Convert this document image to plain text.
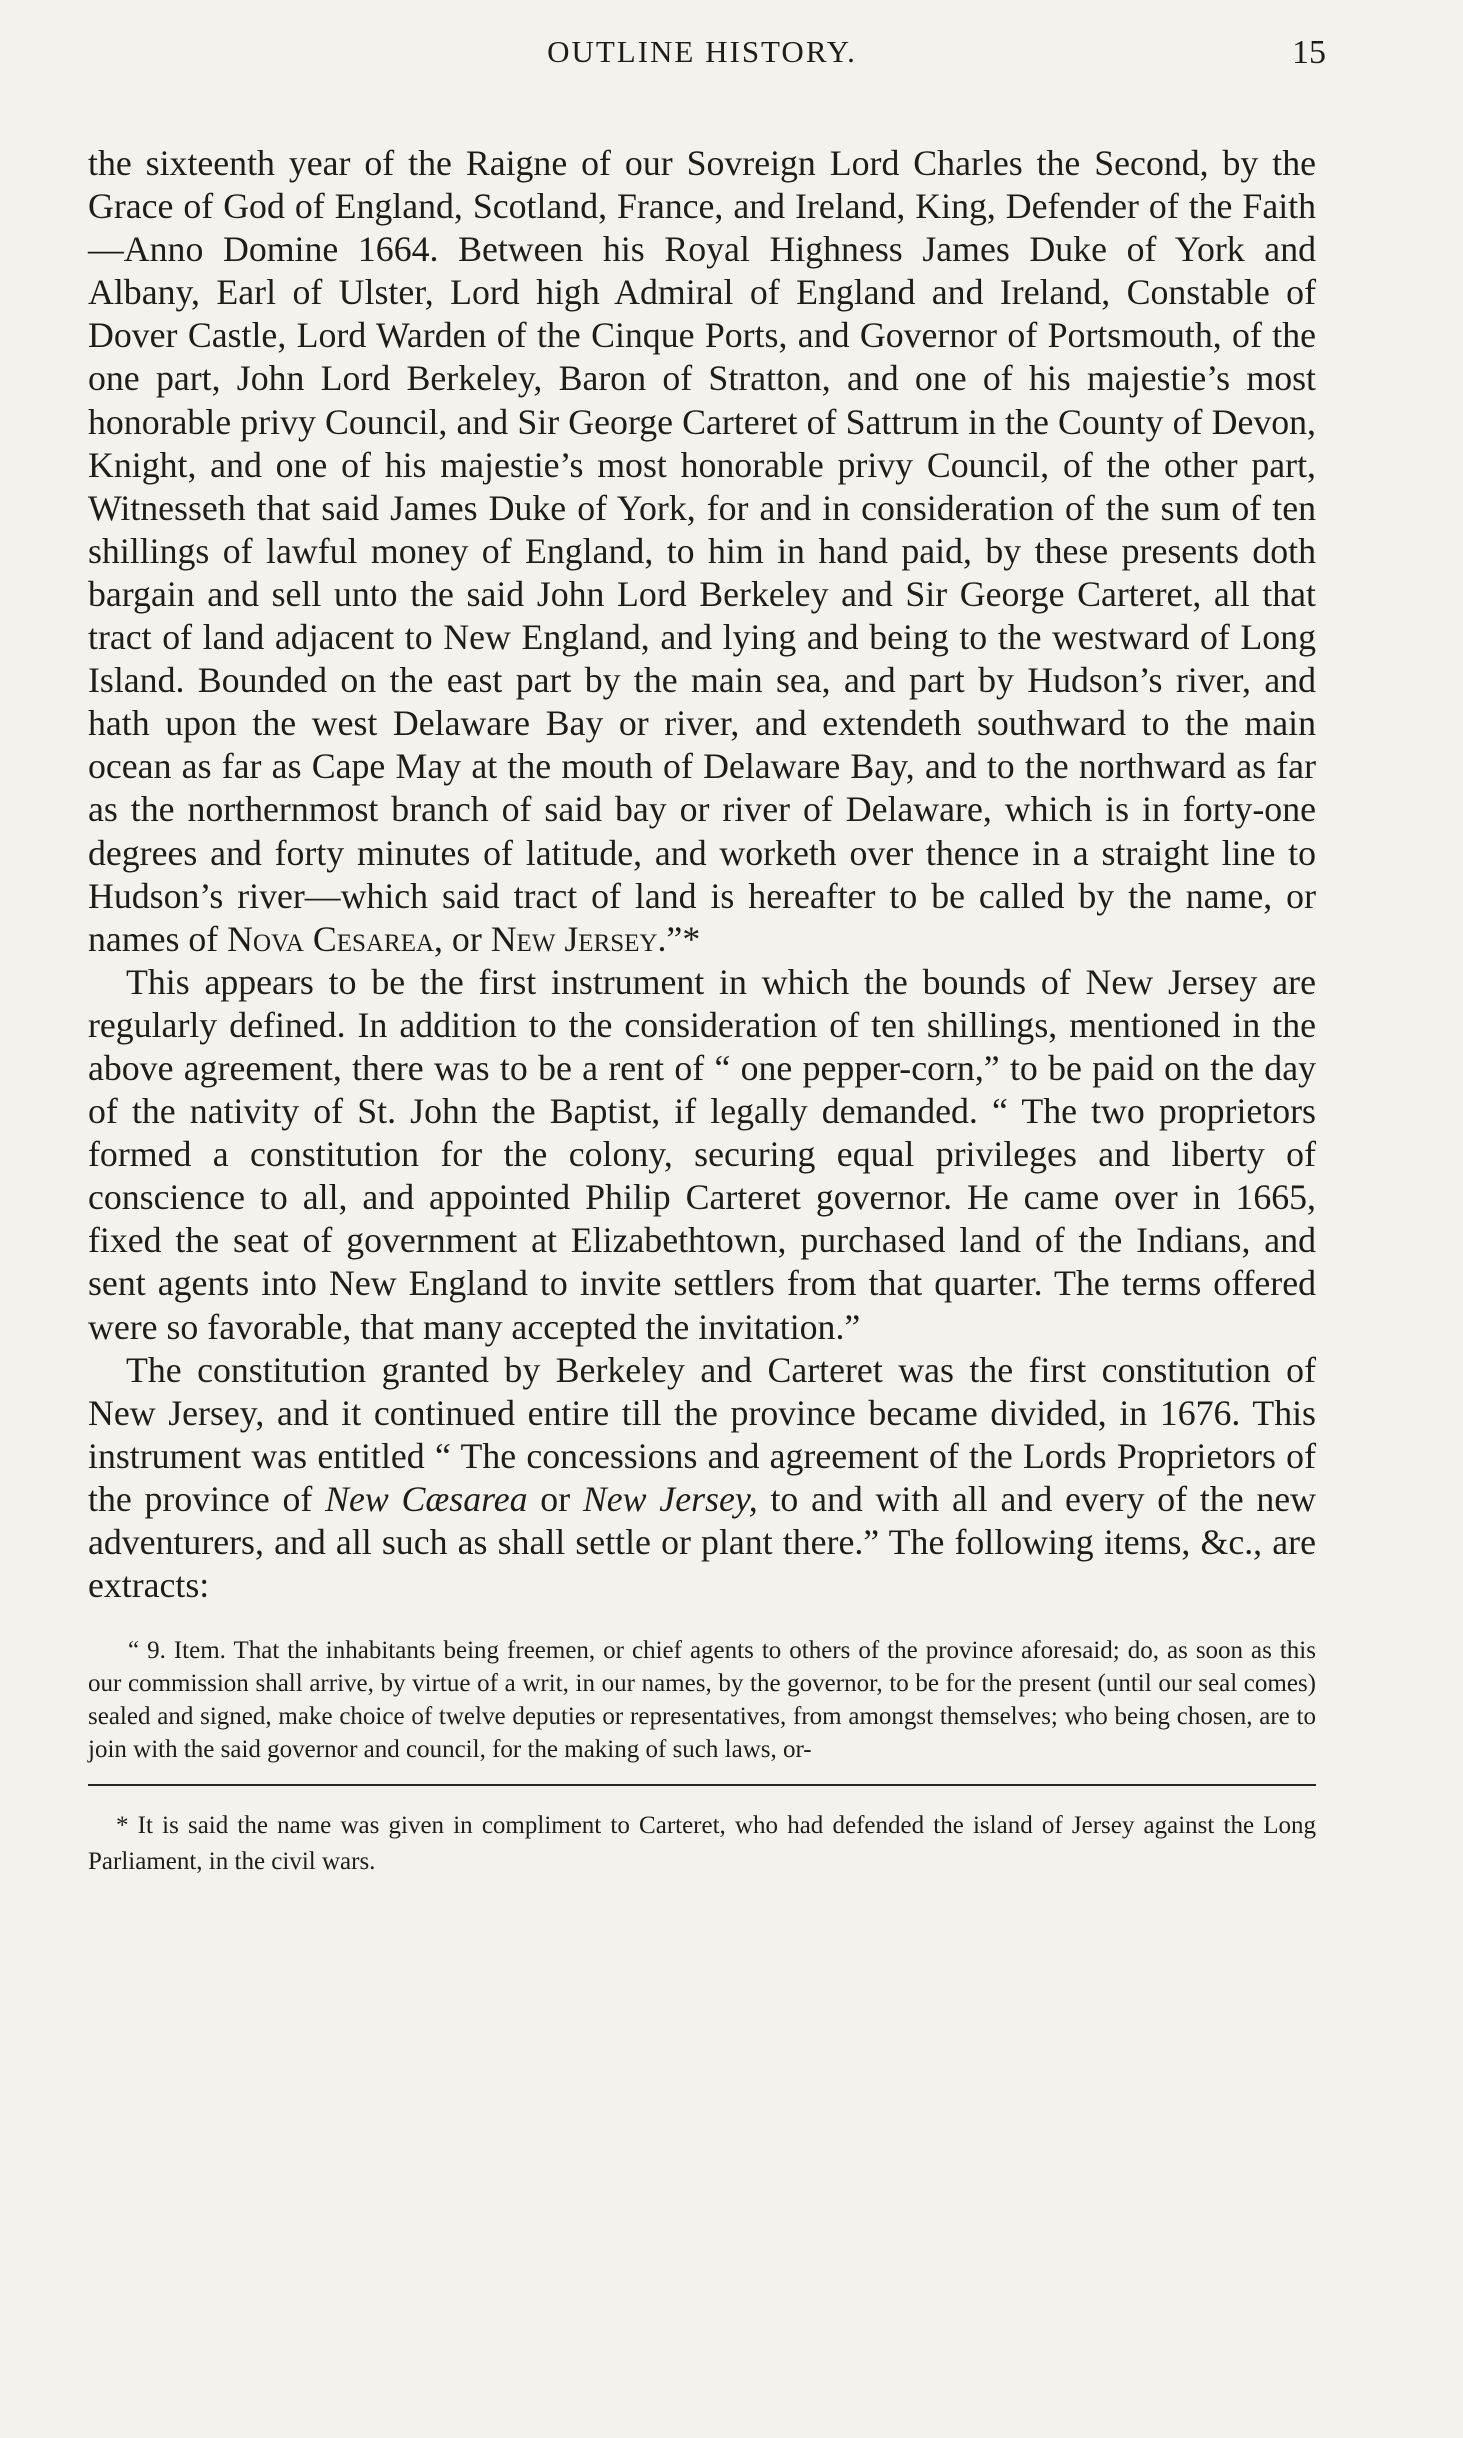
OUTLINE HISTORY.	15

the sixteenth year of the Raigne of our Sovreign Lord Charles the Second, by the Grace of God of England, Scotland, France, and Ireland, King, Defender of the Faith—Anno Domine 1664. Between his Royal Highness James Duke of York and Albany, Earl of Ulster, Lord high Admiral of England and Ireland, Constable of Dover Castle, Lord Warden of the Cinque Ports, and Governor of Portsmouth, of the one part, John Lord Berkeley, Baron of Stratton, and one of his majestie’s most honorable privy Council, and Sir George Carteret of Sattrum in the County of Devon, Knight, and one of his majestie’s most honorable privy Council, of the other part, Witnesseth that said James Duke of York, for and in consideration of the sum of ten shillings of lawful money of England, to him in hand paid, by these presents doth bargain and sell unto the said John Lord Berkeley and Sir George Carteret, all that tract of land adjacent to New England, and lying and being to the westward of Long Island. Bounded on the east part by the main sea, and part by Hudson’s river, and hath upon the west Delaware Bay or river, and extendeth southward to the main ocean as far as Cape May at the mouth of Delaware Bay, and to the northward as far as the northernmost branch of said bay or river of Delaware, which is in forty-one degrees and forty minutes of latitude, and worketh over thence in a straight line to Hudson’s river—which said tract of land is hereafter to be called by the name, or names of Nova Cesarea, or New Jersey.”*

This appears to be the first instrument in which the bounds of New Jersey are regularly defined. In addition to the consideration of ten shillings, mentioned in the above agreement, there was to be a rent of “ one pepper-corn,” to be paid on the day of the nativity of St. John the Baptist, if legally demanded. “ The two proprietors formed a constitution for the colony, securing equal privileges and liberty of conscience to all, and appointed Philip Carteret governor. He came over in 1665, fixed the seat of government at Elizabethtown, purchased land of the Indians, and sent agents into New England to invite settlers from that quarter. The terms offered were so favorable, that many accepted the invitation.”

The constitution granted by Berkeley and Carteret was the first constitution of New Jersey, and it continued entire till the province became divided, in 1676. This instrument was entitled “ The concessions and agreement of the Lords Proprietors of the province of New Cæsarea or New Jersey, to and with all and every of the new adventurers, and all such as shall settle or plant there.” The following items, &c., are extracts:

“ 9. Item. That the inhabitants being freemen, or chief agents to others of the province aforesaid; do, as soon as this our commission shall arrive, by virtue of a writ, in our names, by the governor, to be for the present (until our seal comes) sealed and signed, make choice of twelve deputies or representatives, from amongst themselves; who being chosen, are to join with the said governor and council, for the making of such laws, or-
* It is said the name was given in compliment to Carteret, who had defended the island of Jersey against the Long Parliament, in the civil wars.
